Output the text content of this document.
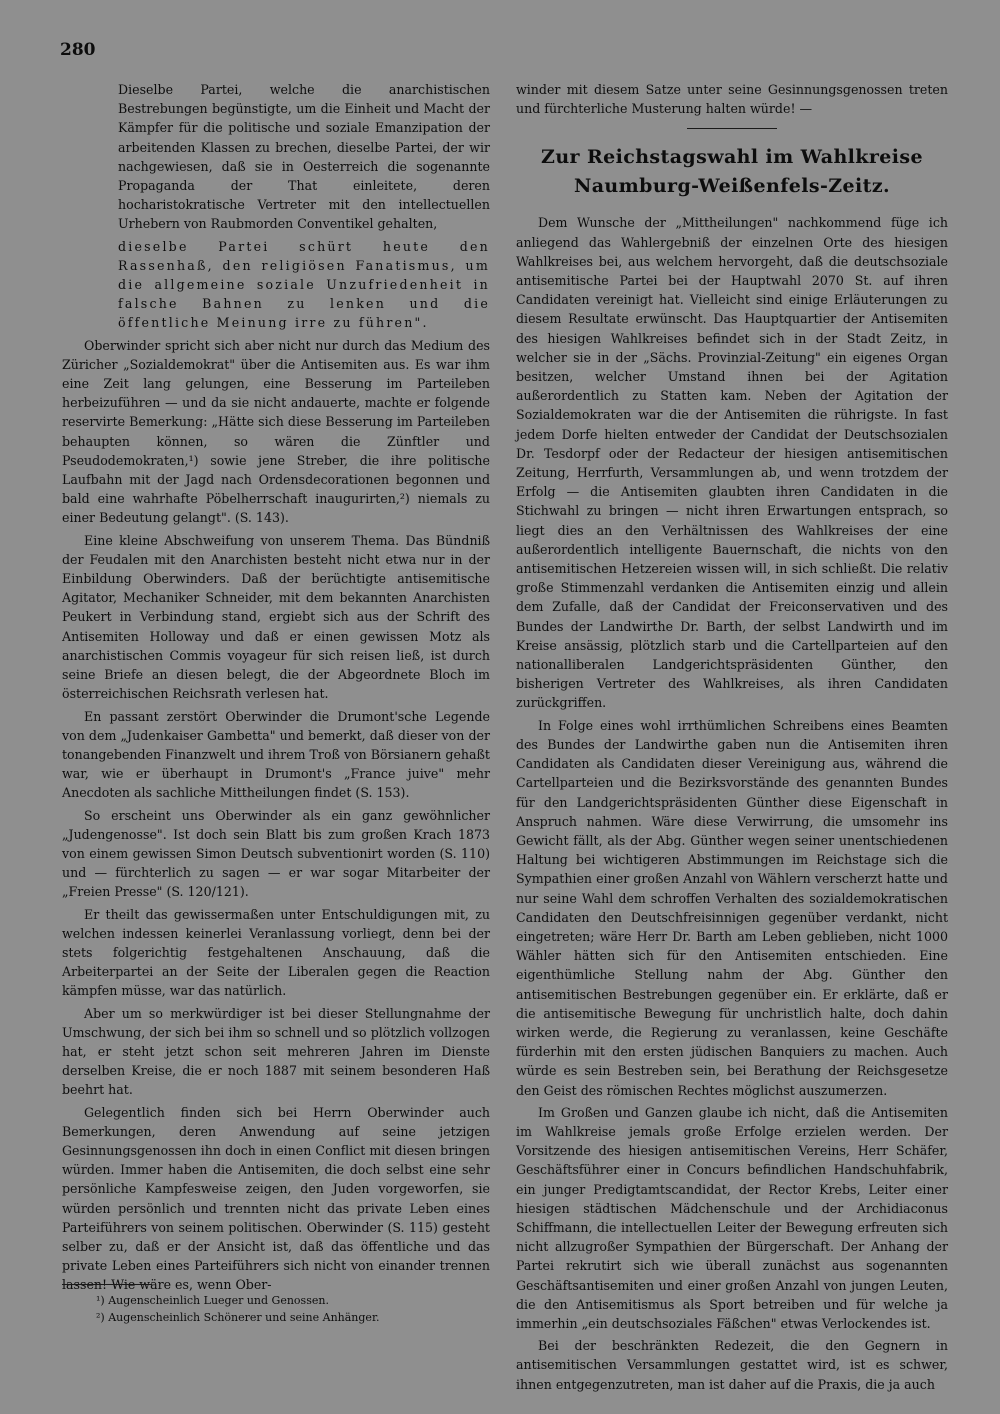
280

Dieselbe Partei, welche die anarchistischen Bestrebungen begünstigte, um die Einheit und Macht der Kämpfer für die politische und soziale Emanzipation der arbeitenden Klassen zu brechen, dieselbe Partei, der wir nachgewiesen, daß sie in Oesterreich die sogenannte Propaganda der That einleitete, deren hocharistokratische Vertreter mit den intellectuellen Urhebern von Raubmorden Conventikel gehalten,

dieselbe Partei schürt heute den Rassenhaß, den religiösen Fanatismus, um die allgemeine soziale Unzufriedenheit in falsche Bahnen zu lenken und die öffentliche Meinung irre zu führen".

Oberwinder spricht sich aber nicht nur durch das Medium des Züricher „Sozialdemokrat" über die Antisemiten aus. Es war ihm eine Zeit lang gelungen, eine Besserung im Parteileben herbeizuführen — und da sie nicht andauerte, machte er folgende reservirte Bemerkung: „Hätte sich diese Besserung im Parteileben behaupten können, so wären die Zünftler und Pseudodemokraten,¹) sowie jene Streber, die ihre politische Laufbahn mit der Jagd nach Ordensdecorationen begonnen und bald eine wahrhafte Pöbelherrschaft inaugurirten,²) niemals zu einer Bedeutung gelangt". (S. 143).

Eine kleine Abschweifung von unserem Thema. Das Bündniß der Feudalen mit den Anarchisten besteht nicht etwa nur in der Einbildung Oberwinders. Daß der berüchtigte antisemitische Agitator, Mechaniker Schneider, mit dem bekannten Anarchisten Peukert in Verbindung stand, ergiebt sich aus der Schrift des Antisemiten Holloway und daß er einen gewissen Motz als anarchistischen Commis voyageur für sich reisen ließ, ist durch seine Briefe an diesen belegt, die der Abgeordnete Bloch im österreichischen Reichsrath verlesen hat.

En passant zerstört Oberwinder die Drumont'sche Legende von dem „Judenkaiser Gambetta" und bemerkt, daß dieser von der tonangebenden Finanzwelt und ihrem Troß von Börsianern gehaßt war, wie er überhaupt in Drumont's „France juive" mehr Anecdoten als sachliche Mittheilungen findet (S. 153).

So erscheint uns Oberwinder als ein ganz gewöhnlicher „Judengenosse". Ist doch sein Blatt bis zum großen Krach 1873 von einem gewissen Simon Deutsch subventionirt worden (S. 110) und — fürchterlich zu sagen — er war sogar Mitarbeiter der „Freien Presse" (S. 120/121).

Er theilt das gewissermaßen unter Entschuldigungen mit, zu welchen indessen keinerlei Veranlassung vorliegt, denn bei der stets folgerichtig festgehaltenen Anschauung, daß die Arbeiterpartei an der Seite der Liberalen gegen die Reaction kämpfen müsse, war das natürlich.

Aber um so merkwürdiger ist bei dieser Stellungnahme der Umschwung, der sich bei ihm so schnell und so plötzlich vollzogen hat, er steht jetzt schon seit mehreren Jahren im Dienste derselben Kreise, die er noch 1887 mit seinem besonderen Haß beehrt hat.

Gelegentlich finden sich bei Herrn Oberwinder auch Bemerkungen, deren Anwendung auf seine jetzigen Gesinnungsgenossen ihn doch in einen Conflict mit diesen bringen würden. Immer haben die Antisemiten, die doch selbst eine sehr persönliche Kampfesweise zeigen, den Juden vorgeworfen, sie würden persönlich und trennten nicht das private Leben eines Parteiführers von seinem politischen. Oberwinder (S. 115) gesteht selber zu, daß er der Ansicht ist, daß das öffentliche und das private Leben eines Parteiführers sich nicht von einander trennen lassen! Wie wäre es, wenn Ober-

winder mit diesem Satze unter seine Gesinnungsgenossen treten und fürchterliche Musterung halten würde! —

Zur Reichstagswahl im Wahlkreise Naumburg-Weißenfels-Zeitz.

Dem Wunsche der „Mittheilungen" nachkommend füge ich anliegend das Wahlergebniß der einzelnen Orte des hiesigen Wahlkreises bei, aus welchem hervorgeht, daß die deutschsoziale antisemitische Partei bei der Hauptwahl 2070 St. auf ihren Candidaten vereinigt hat. Vielleicht sind einige Erläuterungen zu diesem Resultate erwünscht. Das Hauptquartier der Antisemiten des hiesigen Wahlkreises befindet sich in der Stadt Zeitz, in welcher sie in der „Sächs. Provinzial-Zeitung" ein eigenes Organ besitzen, welcher Umstand ihnen bei der Agitation außerordentlich zu Statten kam. Neben der Agitation der Sozialdemokraten war die der Antisemiten die rührigste. In fast jedem Dorfe hielten entweder der Candidat der Deutschsozialen Dr. Tesdorpf oder der Redacteur der hiesigen antisemitischen Zeitung, Herrfurth, Versammlungen ab, und wenn trotzdem der Erfolg — die Antisemiten glaubten ihren Candidaten in die Stichwahl zu bringen — nicht ihren Erwartungen entsprach, so liegt dies an den Verhältnissen des Wahlkreises der eine außerordentlich intelligente Bauernschaft, die nichts von den antisemitischen Hetzereien wissen will, in sich schließt. Die relativ große Stimmenzahl verdanken die Antisemiten einzig und allein dem Zufalle, daß der Candidat der Freiconservativen und des Bundes der Landwirthe Dr. Barth, der selbst Landwirth und im Kreise ansässig, plötzlich starb und die Cartellparteien auf den nationalliberalen Landgerichtspräsidenten Günther, den bisherigen Vertreter des Wahlkreises, als ihren Candidaten zurückgriffen.

In Folge eines wohl irrthümlichen Schreibens eines Beamten des Bundes der Landwirthe gaben nun die Antisemiten ihren Candidaten als Candidaten dieser Vereinigung aus, während die Cartellparteien und die Bezirksvorstände des genannten Bundes für den Landgerichtspräsidenten Günther diese Eigenschaft in Anspruch nahmen. Wäre diese Verwirrung, die umsomehr ins Gewicht fällt, als der Abg. Günther wegen seiner unentschiedenen Haltung bei wichtigeren Abstimmungen im Reichstage sich die Sympathien einer großen Anzahl von Wählern verscherzt hatte und nur seine Wahl dem schroffen Verhalten des sozialdemokratischen Candidaten den Deutschfreisinnigen gegenüber verdankt, nicht eingetreten; wäre Herr Dr. Barth am Leben geblieben, nicht 1000 Wähler hätten sich für den Antisemiten entschieden. Eine eigenthümliche Stellung nahm der Abg. Günther den antisemitischen Bestrebungen gegenüber ein. Er erklärte, daß er die antisemitische Bewegung für unchristlich halte, doch dahin wirken werde, die Regierung zu veranlassen, keine Geschäfte fürderhin mit den ersten jüdischen Banquiers zu machen. Auch würde es sein Bestreben sein, bei Berathung der Reichsgesetze den Geist des römischen Rechtes möglichst auszumerzen.

Im Großen und Ganzen glaube ich nicht, daß die Antisemiten im Wahlkreise jemals große Erfolge erzielen werden. Der Vorsitzende des hiesigen antisemitischen Vereins, Herr Schäfer, Geschäftsführer einer in Concurs befindlichen Handschuhfabrik, ein junger Predigtamtscandidat, der Rector Krebs, Leiter einer hiesigen städtischen Mädchenschule und der Archidiaconus Schiffmann, die intellectuellen Leiter der Bewegung erfreuten sich nicht allzugroßer Sympathien der Bürgerschaft. Der Anhang der Partei rekrutirt sich wie überall zunächst aus sogenannten Geschäftsantisemiten und einer großen Anzahl von jungen Leuten, die den Antisemitismus als Sport betreiben und für welche ja immerhin „ein deutschsoziales Fäßchen" etwas Verlockendes ist.

Bei der beschränkten Redezeit, die den Gegnern in antisemitischen Versammlungen gestattet wird, ist es schwer, ihnen entgegenzutreten, man ist daher auf die Praxis, die ja auch

¹) Augenscheinlich Lueger und Genossen.
²) Augenscheinlich Schönerer und seine Anhänger.
